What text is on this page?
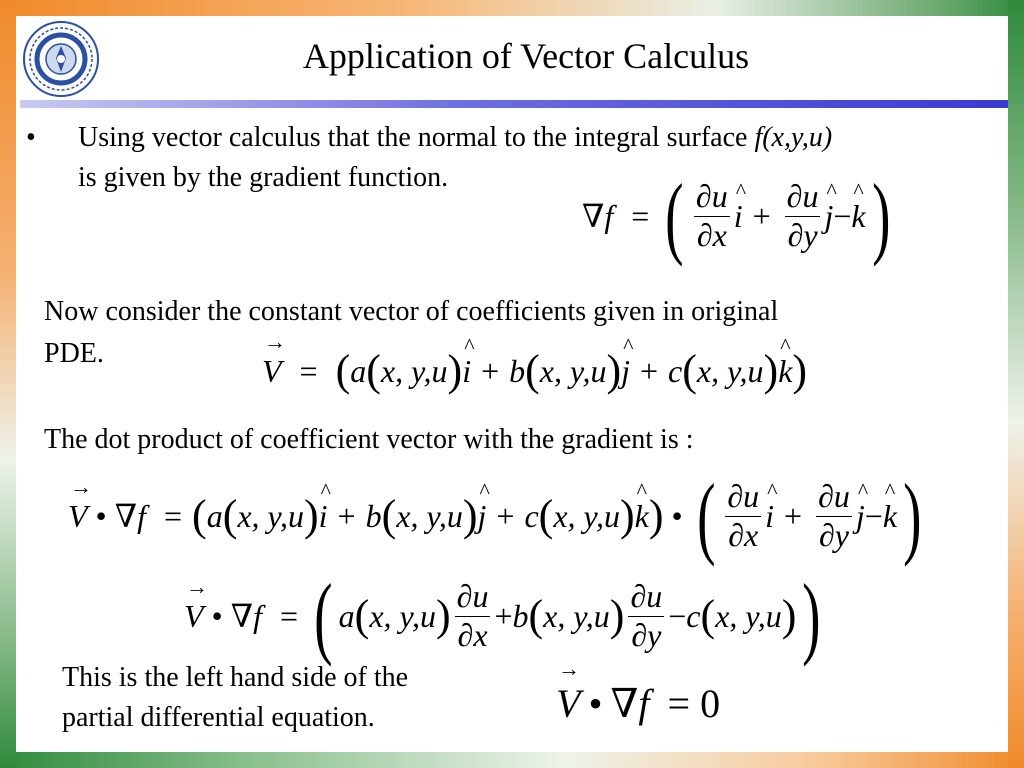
Application of Vector Calculus
• Using vector calculus that the normal to the integral surface f(x,y,u)
is given by the gradient function.
∇ f = ( $\frac{\partial u}{\partial x}$ ^ $i + \frac{\partial u}{\partial y}$ ^ j − ^ k )
Now consider the constant vector of coefficients given in original
PDE.	→ V = ( a ( x, y,u ) ^ i + b ( x, y,u ) ^ j + c ( x, y,u ) ^ k )
The dot product of coefficient vector with the gradient is :
→ V • ∇ f = ( a ( x, y,u ) ^ i + b ( x, y,u ) ^ j + c ( x, y,u ) ^ k ) • ( $\frac{\partial u}{\partial x}$ ^ $i + \frac{\partial u}{\partial y}$ ^ j − ^ k )
→ V • ∇ f = ( a ( x, y,u ) $\frac{\partial u}{\partial x} + b$ ( x, y,u ) $\frac{\partial u}{\partial y} - c$ ( x, y,u ) )
This is the left hand side of the
partial differential equation.	→ V • ∇ f = 0
